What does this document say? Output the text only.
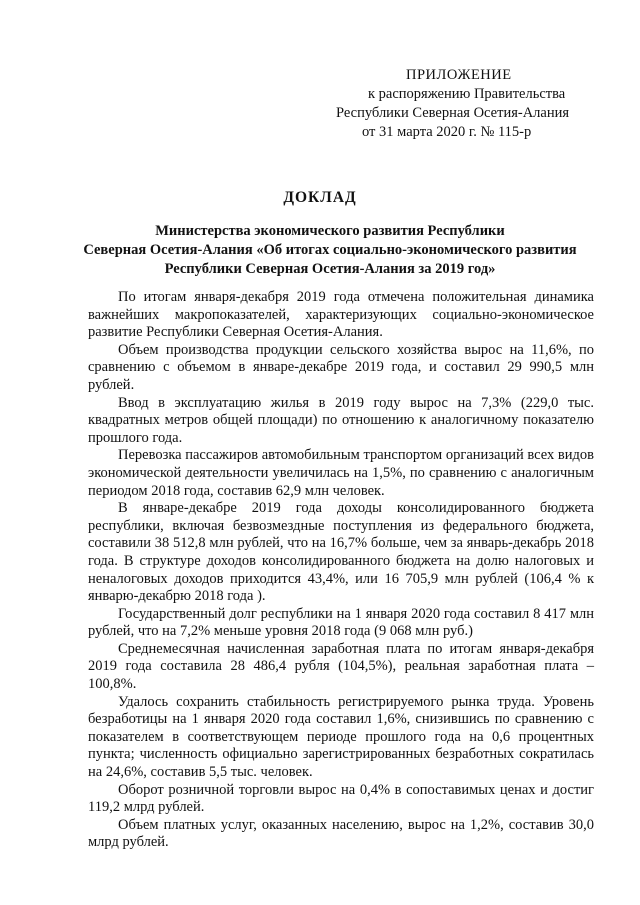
ПРИЛОЖЕНИЕ
к распоряжению Правительства
Республики Северная Осетия-Алания
от 31 марта 2020 г. № 115-р
ДОКЛАД
Министерства экономического развития Республики
Северная Осетия-Алания «Об итогах социально-экономического развития
Республики Северная Осетия-Алания за 2019 год»

По итогам января-декабря 2019 года отмечена положительная динамика важнейших макропоказателей, характеризующих социально-экономическое развитие Республики Северная Осетия-Алания.

Объем производства продукции сельского хозяйства вырос на 11,6%, по сравнению с объемом в январе-декабре 2019 года, и составил 29 990,5 млн рублей.

Ввод в эксплуатацию жилья в 2019 году вырос на 7,3% (229,0 тыс. квадратных метров общей площади) по отношению к аналогичному показателю прошлого года.

Перевозка пассажиров автомобильным транспортом организаций всех видов экономической деятельности увеличилась на 1,5%, по сравнению с аналогичным периодом 2018 года, составив 62,9 млн человек.

В январе-декабре 2019 года доходы консолидированного бюджета республики, включая безвозмездные поступления из федерального бюджета, составили 38 512,8 млн рублей, что на 16,7% больше, чем за январь-декабрь 2018 года. В структуре доходов консолидированного бюджета на долю налоговых и неналоговых доходов приходится 43,4%, или 16 705,9 млн рублей (106,4 % к январю-декабрю 2018 года ).

Государственный долг республики на 1 января 2020 года составил 8 417 млн рублей, что на 7,2% меньше уровня 2018 года (9 068 млн руб.)

Среднемесячная начисленная заработная плата по итогам января-декабря 2019 года составила 28 486,4 рубля (104,5%), реальная заработная плата – 100,8%.

Удалось сохранить стабильность регистрируемого рынка труда. Уровень безработицы на 1 января 2020 года составил 1,6%, снизившись по сравнению с показателем в соответствующем периоде прошлого года на 0,6 процентных пункта; численность официально зарегистрированных безработных сократилась на 24,6%, составив 5,5 тыс. человек.

Оборот розничной торговли вырос на 0,4% в сопоставимых ценах и достиг 119,2 млрд рублей.

Объем платных услуг, оказанных населению, вырос на 1,2%, составив 30,0 млрд рублей.
